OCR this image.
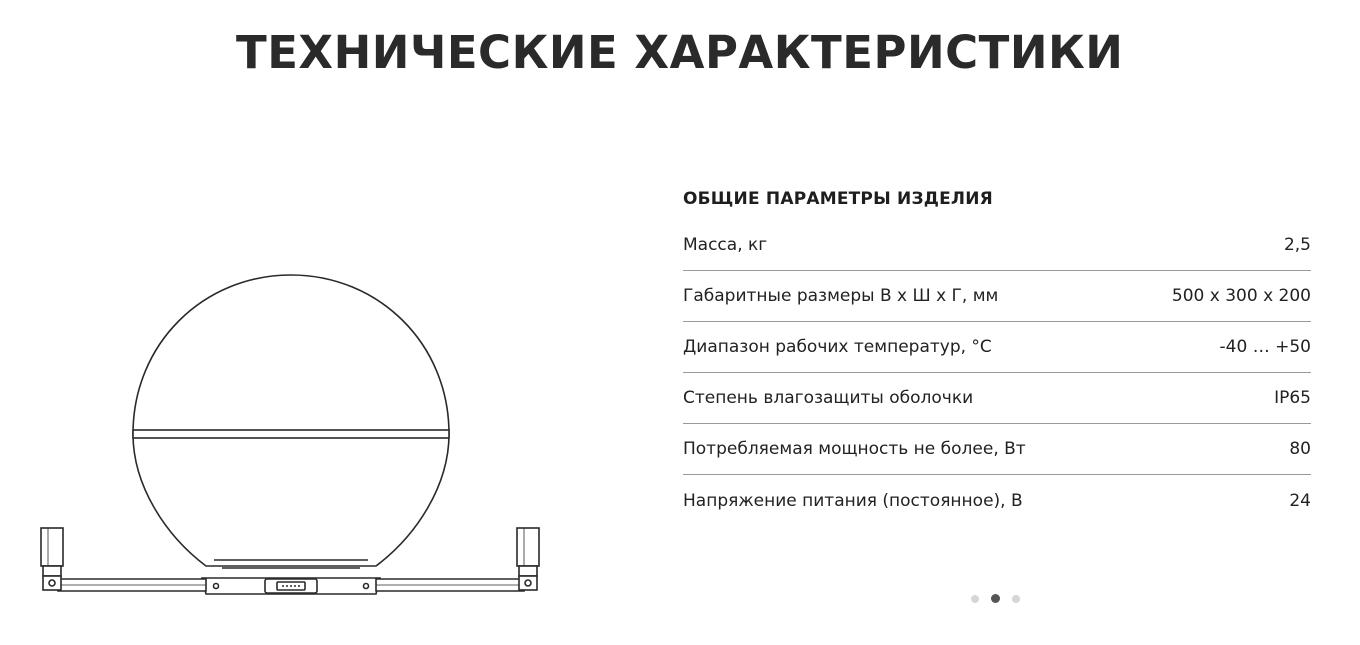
ТЕХНИЧЕСКИЕ ХАРАКТЕРИСТИКИ
ОБЩИЕ ПАРАМЕТРЫ ИЗДЕЛИЯ
Масса, кг	2,5
Габаритные размеры В х Ш х Г, мм	500 х 300 х 200
Диапазон рабочих температур, °С	-40 … +50
Степень влагозащиты оболочки	IP65
Потребляемая мощность не более, Вт	80
Напряжение питания (постоянное), В	24
